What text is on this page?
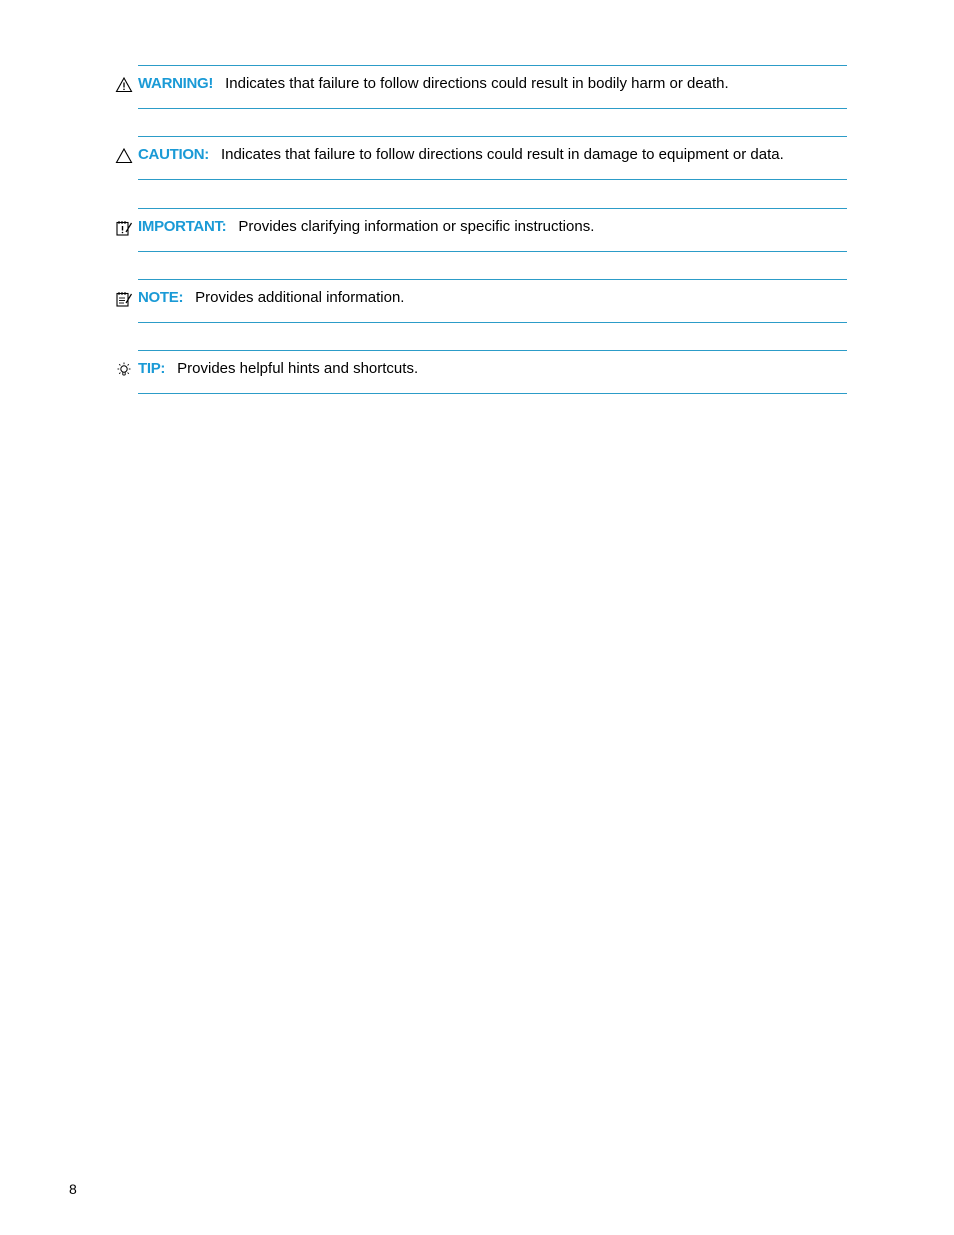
WARNING! Indicates that failure to follow directions could result in bodily harm or death.
CAUTION: Indicates that failure to follow directions could result in damage to equipment or data.
IMPORTANT: Provides clarifying information or specific instructions.
NOTE: Provides additional information.
TIP: Provides helpful hints and shortcuts.
8
